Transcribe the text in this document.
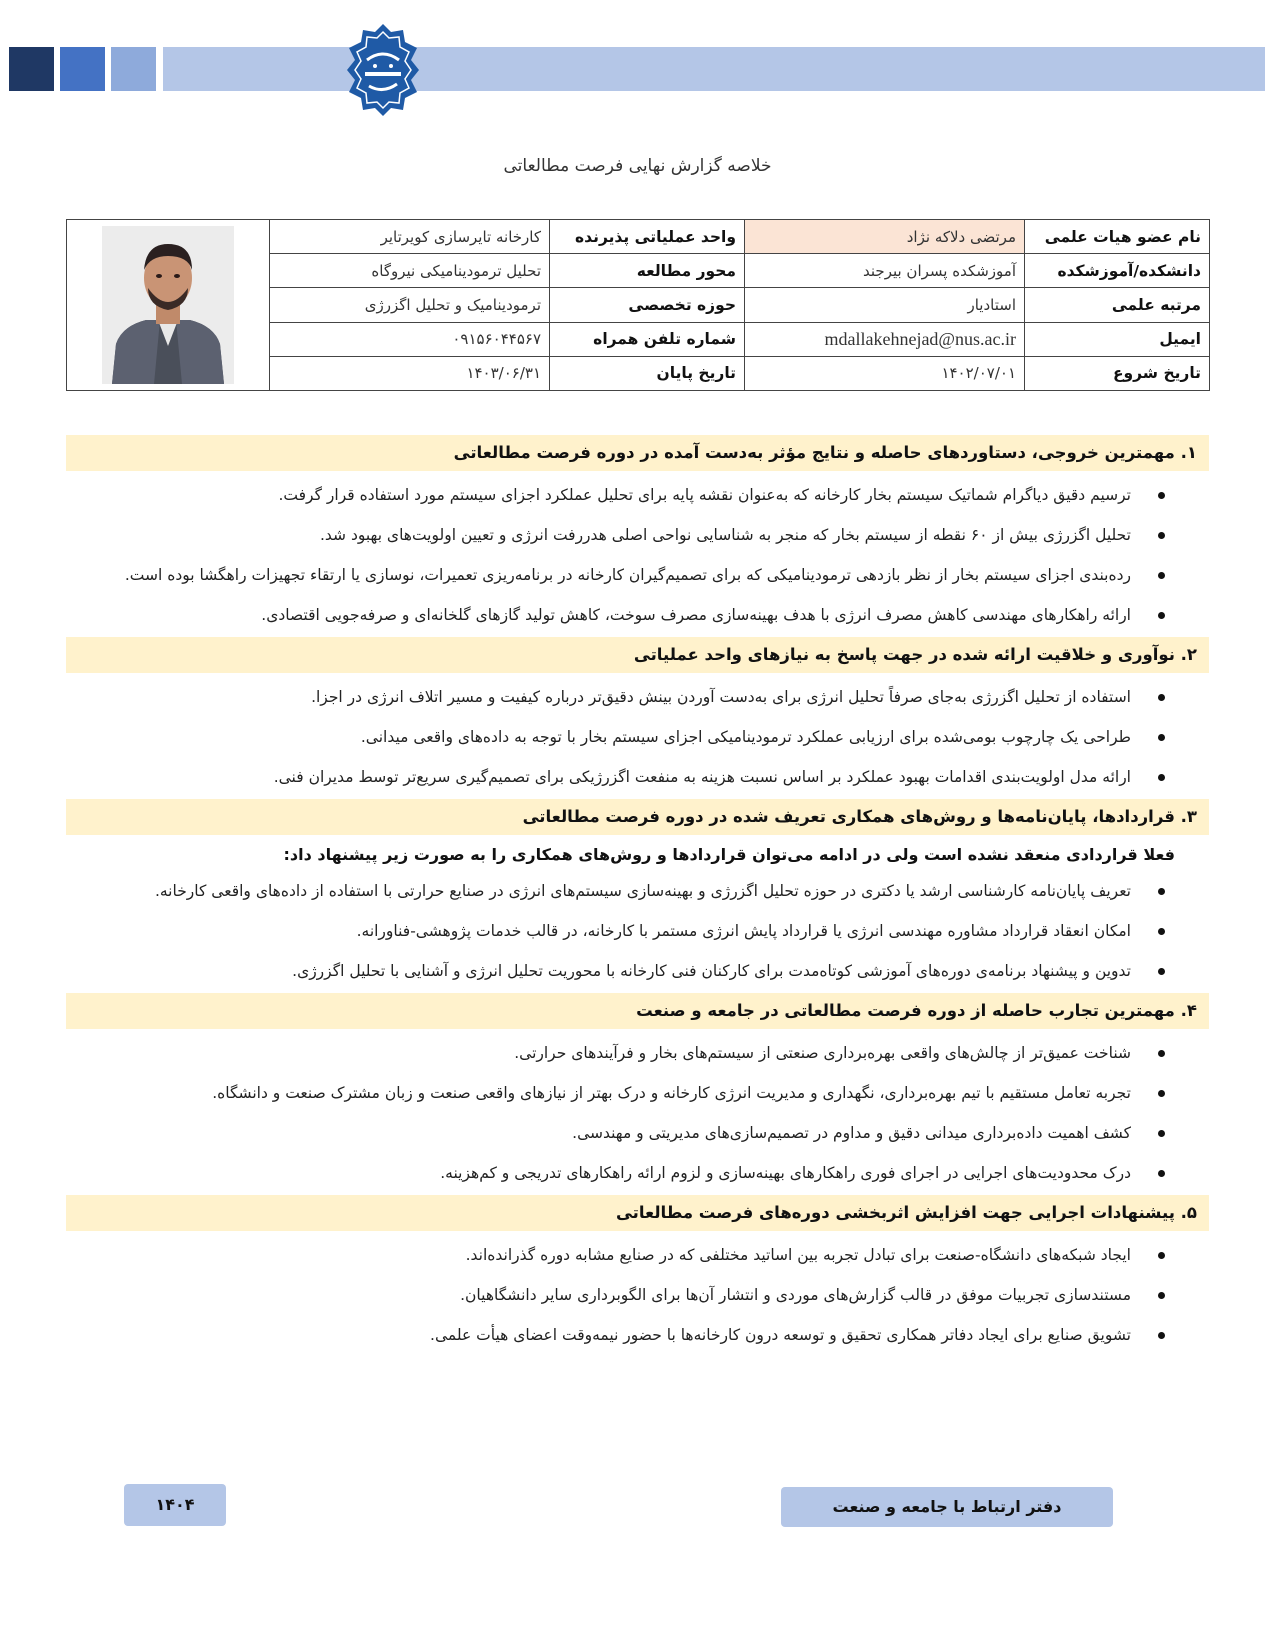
خلاصه گزارش نهایی فرصت مطالعاتی
نام عضو هیات علمی	مرتضی دلاکه نژاد	واحد عملیاتی پذیرنده	کارخانه تایرسازی کویرتایر	

دانشکده/آموزشکده	آموزشکده پسران بیرجند	محور مطالعه	تحلیل ترمودینامیکی نیروگاه	
مرتبه علمی	استادیار	حوزه تخصصی	ترمودینامیک و تحلیل اگزرژی	
ایمیل	mdallakehnejad@nus.ac.ir	شماره تلفن همراه	۰۹۱۵۶۰۴۴۵۶۷	
تاریخ شروع	۱۴۰۲/۰۷/۰۱	تاریخ پایان	۱۴۰۳/۰۶/۳۱	
۱. مهمترین خروجی، دستاوردهای حاصله و نتایج مؤثر به‌دست آمده در دوره فرصت مطالعاتی
ترسیم دقیق دیاگرام شماتیک سیستم بخار کارخانه که به‌عنوان نقشه پایه برای تحلیل عملکرد اجزای سیستم مورد استفاده قرار گرفت.
تحلیل اگزرژی بیش از ۶۰ نقطه از سیستم بخار که منجر به شناسایی نواحی اصلی هدررفت انرژی و تعیین اولویت‌های بهبود شد.
رده‌بندی اجزای سیستم بخار از نظر بازدهی ترمودینامیکی که برای تصمیم‌گیران کارخانه در برنامه‌ریزی تعمیرات، نوسازی یا ارتقاء تجهیزات راهگشا بوده است.
ارائه راهکارهای مهندسی کاهش مصرف انرژی با هدف بهینه‌سازی مصرف سوخت، کاهش تولید گازهای گلخانه‌ای و صرفه‌جویی اقتصادی.
۲. نوآوری و خلاقیت ارائه شده در جهت پاسخ به نیازهای واحد عملیاتی
استفاده از تحلیل اگزرژی به‌جای صرفاً تحلیل انرژی برای به‌دست آوردن بینش دقیق‌تر درباره کیفیت و مسیر اتلاف انرژی در اجزا.
طراحی یک چارچوب بومی‌شده برای ارزیابی عملکرد ترمودینامیکی اجزای سیستم بخار با توجه به داده‌های واقعی میدانی.
ارائه مدل اولویت‌بندی اقدامات بهبود عملکرد بر اساس نسبت هزینه به منفعت اگزرژیکی برای تصمیم‌گیری سریع‌تر توسط مدیران فنی.
۳. قراردادها، پایان‌نامه‌ها و روش‌های همکاری تعریف شده در دوره فرصت مطالعاتی
فعلا قراردادی منعقد نشده است ولی در ادامه می‌توان قراردادها و روش‌های همکاری را به صورت زیر پیشنهاد داد:
تعریف پایان‌نامه کارشناسی ارشد یا دکتری در حوزه تحلیل اگزرژی و بهینه‌سازی سیستم‌های انرژی در صنایع حرارتی با استفاده از داده‌های واقعی کارخانه.
امکان انعقاد قرارداد مشاوره مهندسی انرژی یا قرارداد پایش انرژی مستمر با کارخانه، در قالب خدمات پژوهشی-فناورانه.
تدوین و پیشنهاد برنامه‌ی دوره‌های آموزشی کوتاه‌مدت برای کارکنان فنی کارخانه با محوریت تحلیل انرژی و آشنایی با تحلیل اگزرژی.
۴. مهمترین تجارب حاصله از دوره فرصت مطالعاتی در جامعه و صنعت
شناخت عمیق‌تر از چالش‌های واقعی بهره‌برداری صنعتی از سیستم‌های بخار و فرآیندهای حرارتی.
تجربه تعامل مستقیم با تیم بهره‌برداری، نگهداری و مدیریت انرژی کارخانه و درک بهتر از نیازهای واقعی صنعت و زبان مشترک صنعت و دانشگاه.
کشف اهمیت داده‌برداری میدانی دقیق و مداوم در تصمیم‌سازی‌های مدیریتی و مهندسی.
درک محدودیت‌های اجرایی در اجرای فوری راهکارهای بهینه‌سازی و لزوم ارائه راهکارهای تدریجی و کم‌هزینه.
۵. پیشنهادات اجرایی جهت افزایش اثربخشی دوره‌های فرصت مطالعاتی
ایجاد شبکه‌های دانشگاه-صنعت برای تبادل تجربه بین اساتید مختلفی که در صنایع مشابه دوره گذرانده‌اند.
مستندسازی تجربیات موفق در قالب گزارش‌های موردی و انتشار آن‌ها برای الگوبرداری سایر دانشگاهیان.
تشویق صنایع برای ایجاد دفاتر همکاری تحقیق و توسعه درون کارخانه‌ها با حضور نیمه‌وقت اعضای هیأت علمی.
۱۴۰۴	دفتر ارتباط با جامعه و صنعت
